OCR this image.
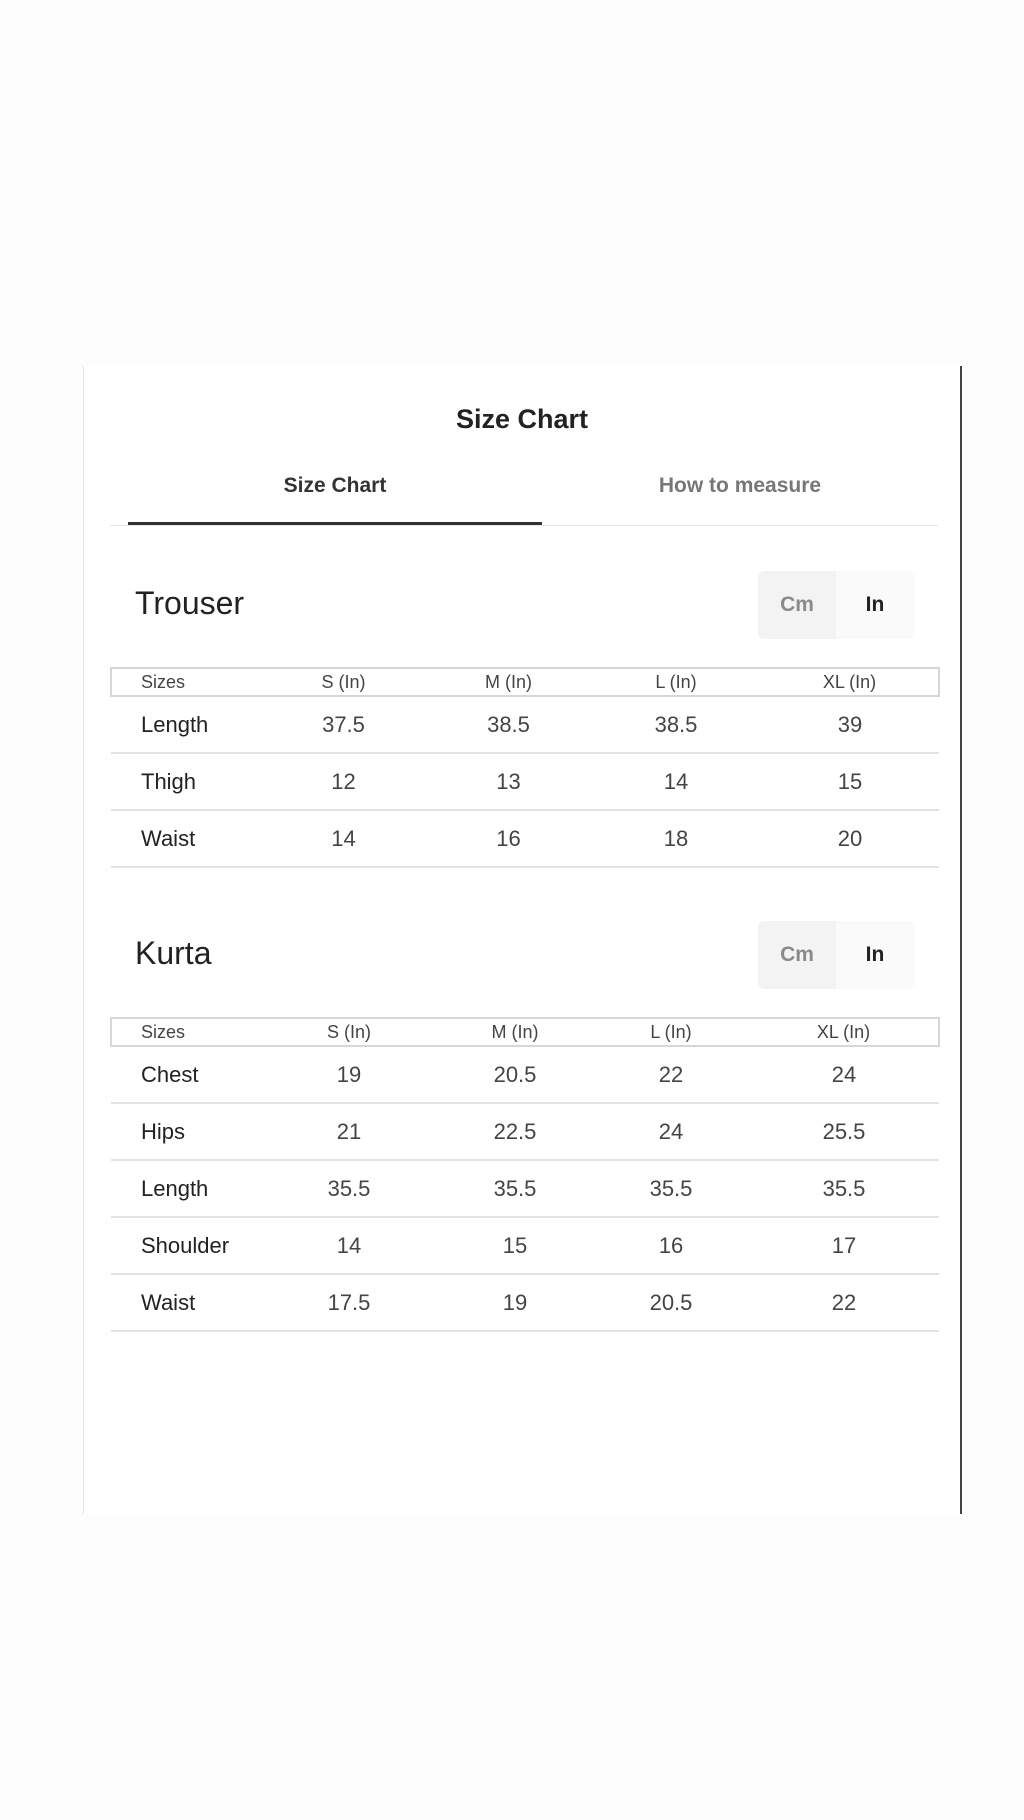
Size Chart
Size Chart	How to measure
Trouser	Cm	In
Sizes	S (In)	M (In)	L (In)	XL (In)
Length	37.5	38.5	38.5	39
Thigh	12	13	14	15
Waist	14	16	18	20
Kurta	Cm	In
Sizes	S (In)	M (In)	L (In)	XL (In)
Chest	19	20.5	22	24
Hips	21	22.5	24	25.5
Length	35.5	35.5	35.5	35.5
Shoulder	14	15	16	17
Waist	17.5	19	20.5	22
